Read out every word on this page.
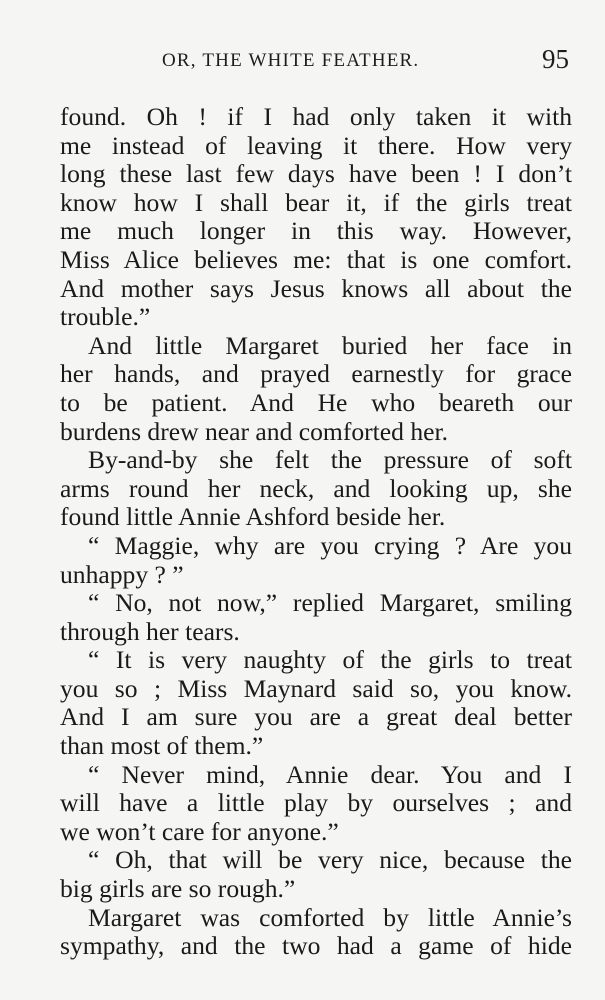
OR, THE WHITE FEATHER.	95
found. Oh ! if I had only taken it with
me instead of leaving it there. How very
long these last few days have been ! I don’t
know how I shall bear it, if the girls treat
me much longer in this way. However,
Miss Alice believes me: that is one comfort.
And mother says Jesus knows all about the
trouble.”
And little Margaret buried her face in
her hands, and prayed earnestly for grace
to be patient. And He who beareth our
burdens drew near and comforted her.
By-and-by she felt the pressure of soft
arms round her neck, and looking up, she
found little Annie Ashford beside her.
“ Maggie, why are you crying ? Are you
unhappy ? ”
“ No, not now,” replied Margaret, smiling
through her tears.
“ It is very naughty of the girls to treat
you so ; Miss Maynard said so, you know.
And I am sure you are a great deal better
than most of them.”
“ Never mind, Annie dear. You and I
will have a little play by ourselves ; and
we won’t care for anyone.”
“ Oh, that will be very nice, because the
big girls are so rough.”
Margaret was comforted by little Annie’s
sympathy, and the two had a game of hide
